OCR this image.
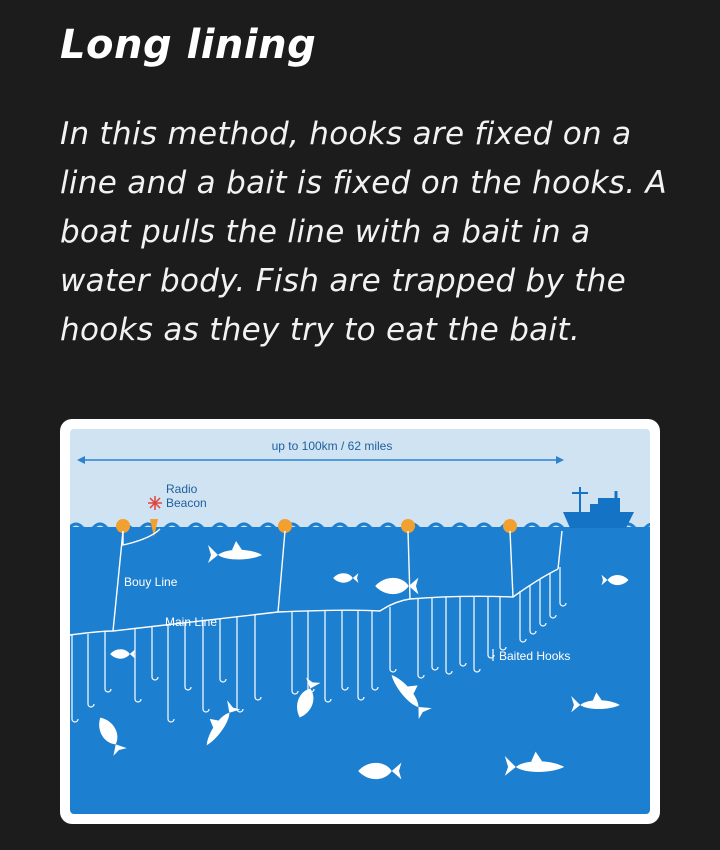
Long lining
In this method, hooks are fixed on a line and a bait is fixed on the hooks. A boat pulls the line with a bait in a water body. Fish are trapped by the hooks as they try to eat the bait.
up to 100km / 62 miles
Radio
Beacon
Bouy Line
Main Line
Baited Hooks
